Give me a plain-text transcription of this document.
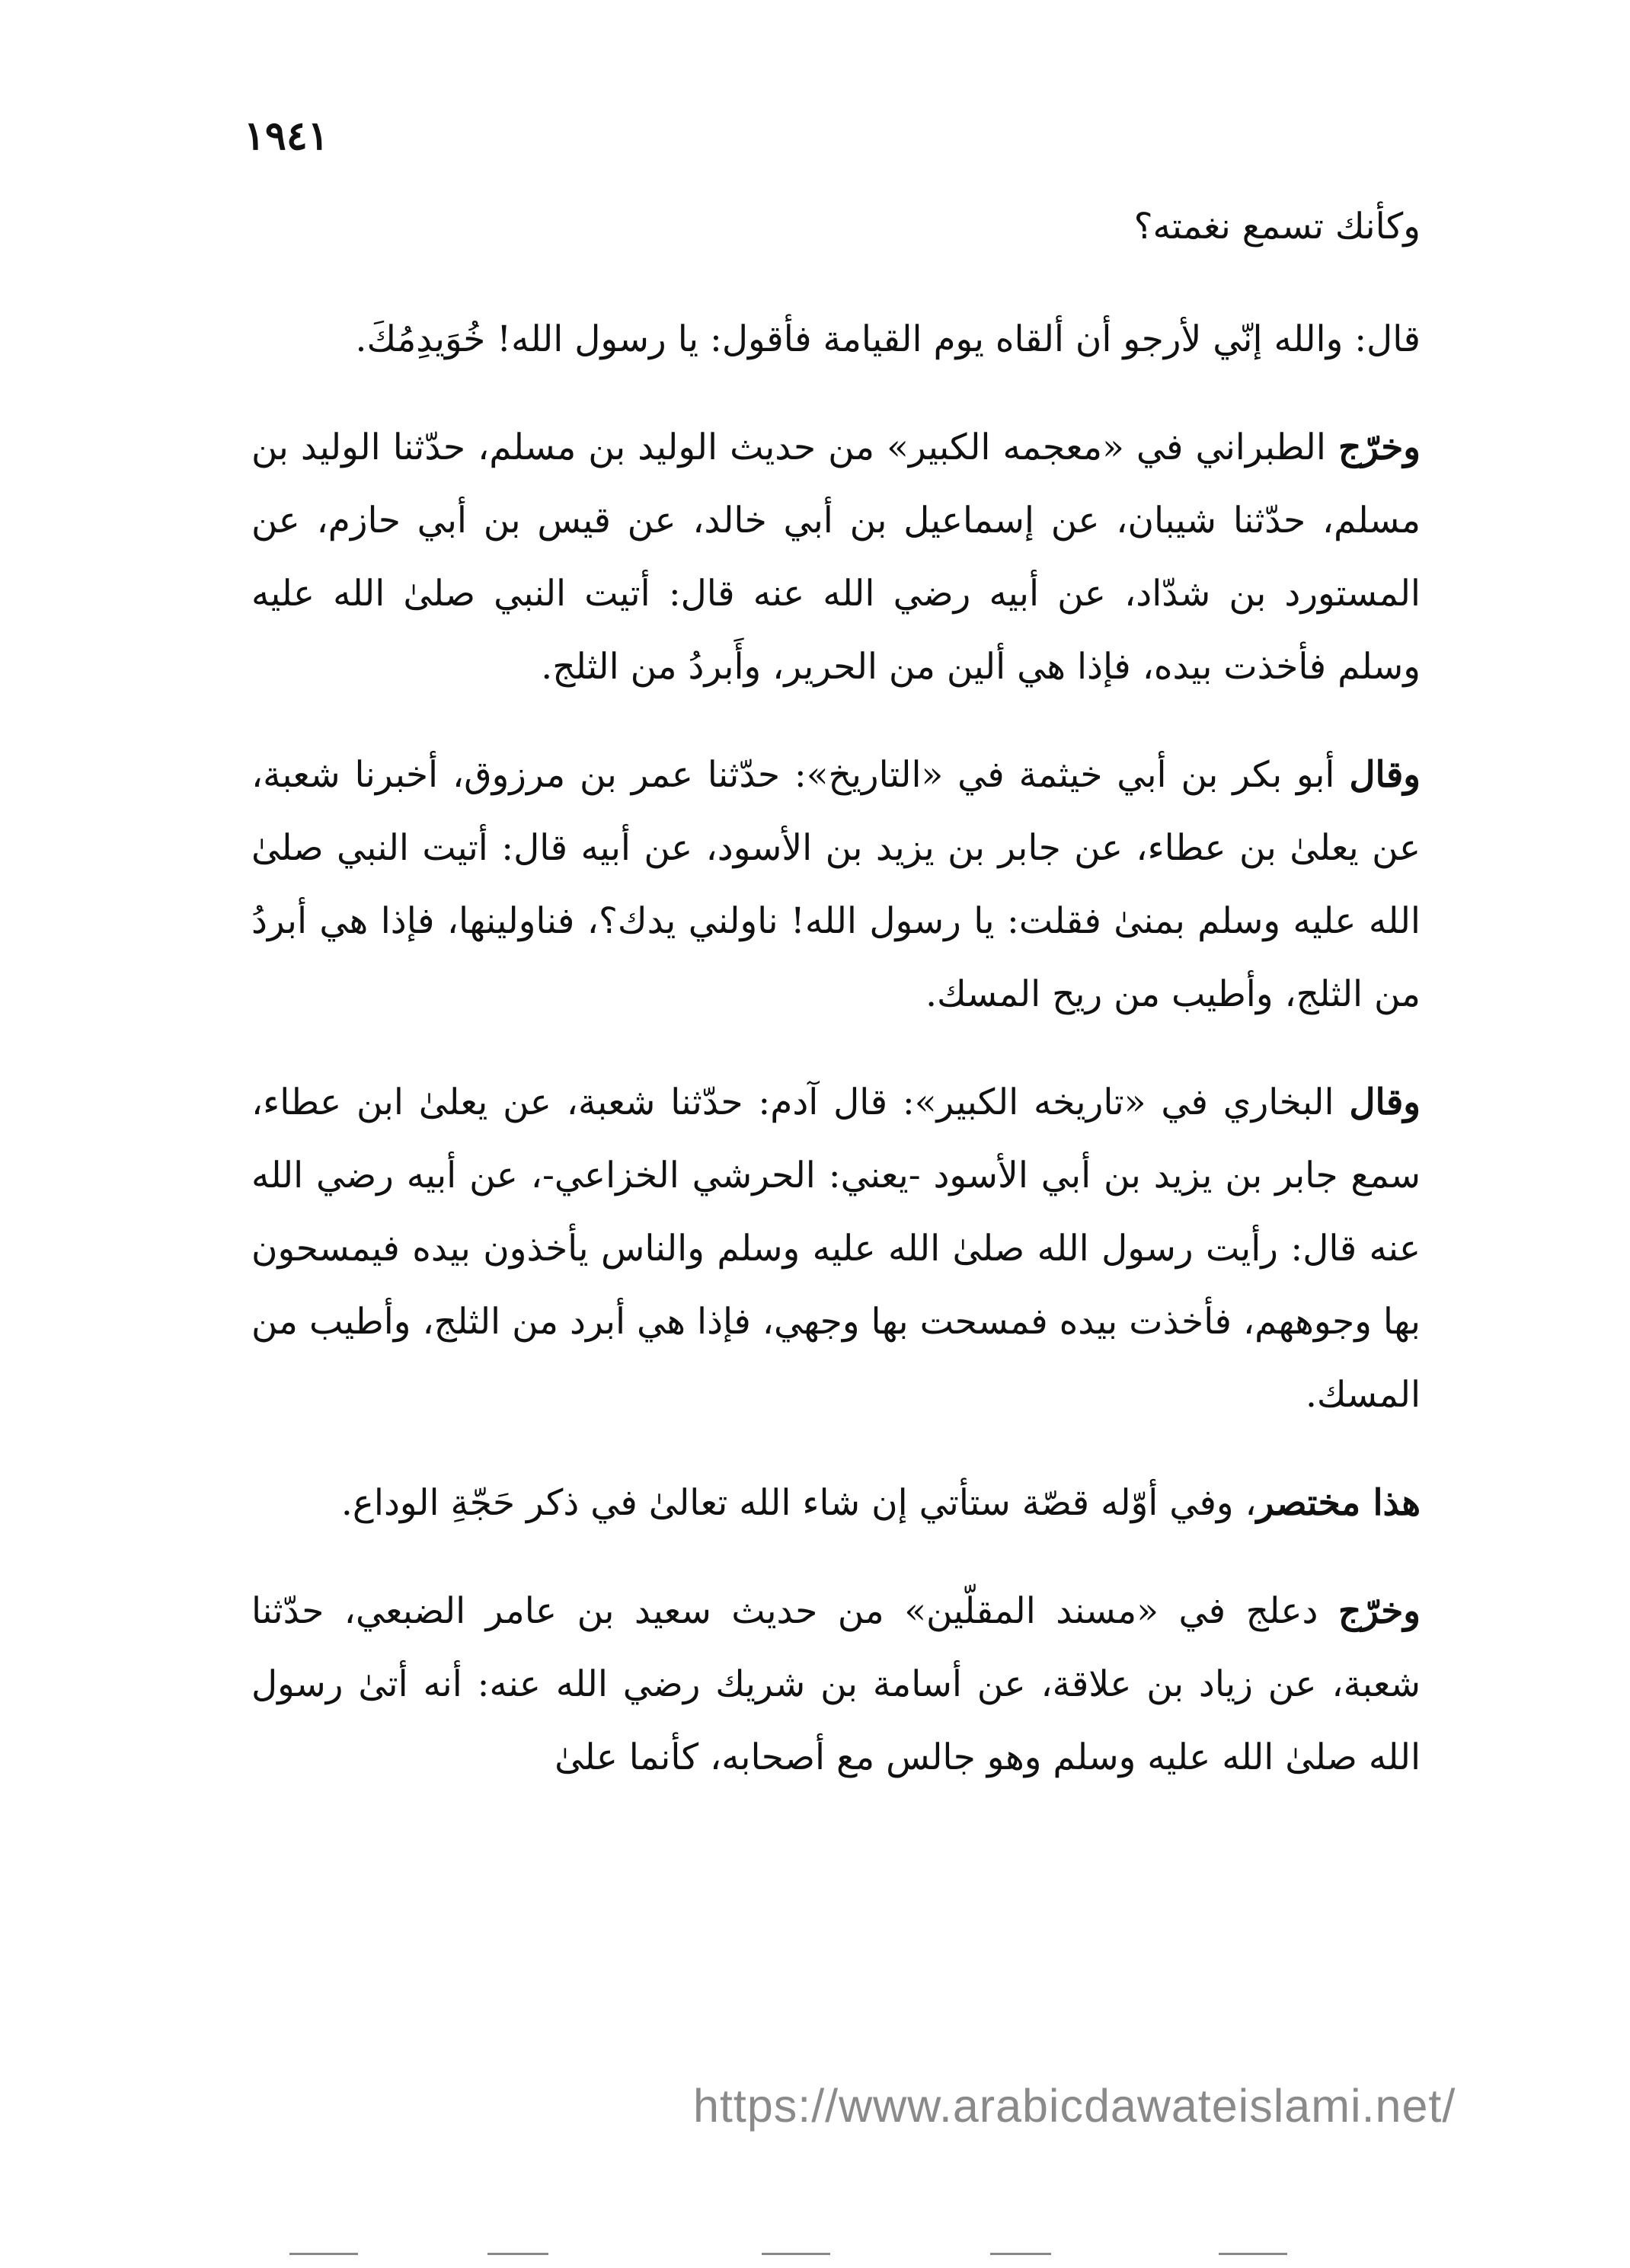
١٩٤١

وكأنك تسمع نغمته؟

قال: والله إنّي لأرجو أن ألقاه يوم القيامة فأقول: يا رسول الله! خُوَيدِمُكَ.

وخرّج الطبراني في «معجمه الكبير» من حديث الوليد بن مسلم، حدّثنا الوليد بن مسلم، حدّثنا شيبان، عن إسماعيل بن أبي خالد، عن قيس بن أبي حازم، عن المستورد بن شدّاد، عن أبيه رضي الله عنه قال: أتيت النبي صلىٰ الله عليه وسلم فأخذت بيده، فإذا هي ألين من الحرير، وأَبردُ من الثلج.

وقال أبو بكر بن أبي خيثمة في «التاريخ»: حدّثنا عمر بن مرزوق، أخبرنا شعبة، عن يعلىٰ بن عطاء، عن جابر بن يزيد بن الأسود، عن أبيه قال: أتيت النبي صلىٰ الله عليه وسلم بمنىٰ فقلت: يا رسول الله! ناولني يدك؟، فناولينها، فإذا هي أبردُ من الثلج، وأطيب من ريح المسك.

وقال البخاري في «تاريخه الكبير»: قال آدم: حدّثنا شعبة، عن يعلىٰ ابن عطاء، سمع جابر بن يزيد بن أبي الأسود -يعني: الحرشي الخزاعي-، عن أبيه رضي الله عنه قال: رأيت رسول الله صلىٰ الله عليه وسلم والناس يأخذون بيده فيمسحون بها وجوههم، فأخذت بيده فمسحت بها وجهي، فإذا هي أبرد من الثلج، وأطيب من المسك.

هذا مختصر، وفي أوّله قصّة ستأتي إن شاء الله تعالىٰ في ذكر حَجّةِ الوداع.

وخرّج دعلج في «مسند المقلّين» من حديث سعيد بن عامر الضبعي، حدّثنا شعبة، عن زياد بن علاقة، عن أسامة بن شريك رضي الله عنه: أنه أتىٰ رسول الله صلىٰ الله عليه وسلم وهو جالس مع أصحابه، كأنما علىٰ

https://www.arabicdawateislami.net/
